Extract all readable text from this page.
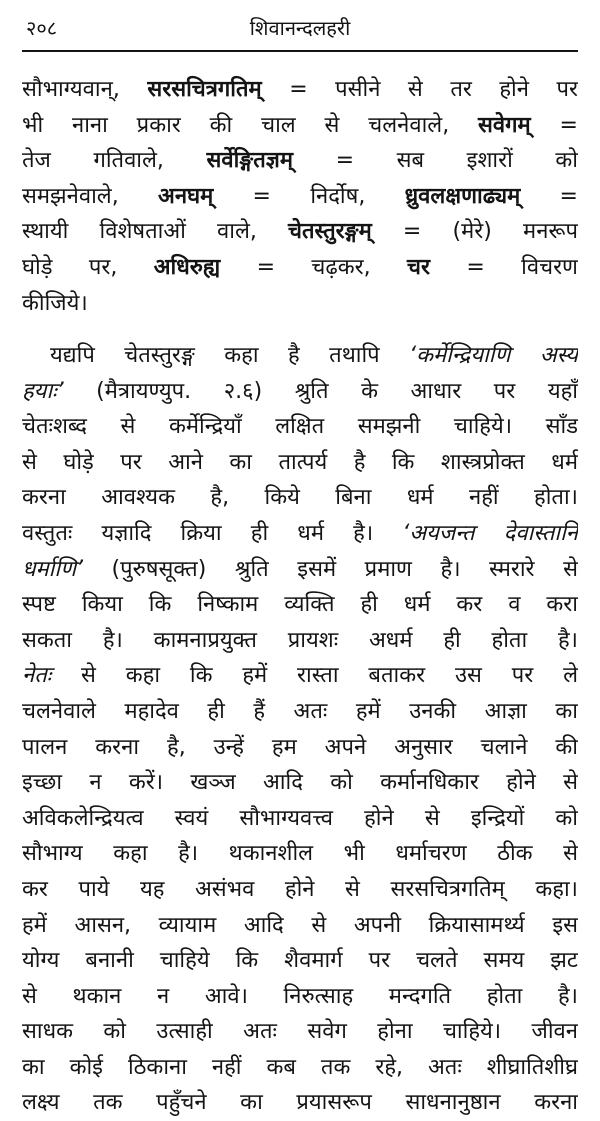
२०८	शिवानन्दलहरी
सौभाग्यवान्, सरसचित्रगतिम् = पसीने से तर होने पर
भी नाना प्रकार की चाल से चलनेवाले, सवेगम् =
तेज गतिवाले, सर्वेङ्गितज्ञम् = सब इशारों को
समझनेवाले, अनघम् = निर्दोष, ध्रुवलक्षणाढ्यम् =
स्थायी विशेषताओं वाले, चेतस्तुरङ्गम् = (मेरे) मनरूप
घोड़े पर, अधिरुह्य = चढ़कर, चर = विचरण
कीजिये।
यद्यपि चेतस्तुरङ्ग कहा है तथापि ‘कर्मेन्द्रियाणि अस्य
हयाः’ (मैत्रायण्युप. २.६) श्रुति के आधार पर यहाँ
चेतःशब्द से कर्मेन्द्रियाँ लक्षित समझनी चाहिये। साँड
से घोड़े पर आने का तात्पर्य है कि शास्त्रप्रोक्त धर्म
करना आवश्यक है, किये बिना धर्म नहीं होता।
वस्तुतः यज्ञादि क्रिया ही धर्म है। ‘अयजन्त देवास्तानि
धर्माणि’ (पुरुषसूक्त) श्रुति इसमें प्रमाण है। स्मरारे से
स्पष्ट किया कि निष्काम व्यक्ति ही धर्म कर व करा
सकता है। कामनाप्रयुक्त प्रायशः अधर्म ही होता है।
नेतः से कहा कि हमें रास्ता बताकर उस पर ले
चलनेवाले महादेव ही हैं अतः हमें उनकी आज्ञा का
पालन करना है, उन्हें हम अपने अनुसार चलाने की
इच्छा न करें। खञ्ज आदि को कर्मानधिकार होने से
अविकलेन्द्रियत्व स्वयं सौभाग्यवत्त्व होने से इन्द्रियों को
सौभाग्य कहा है। थकानशील भी धर्माचरण ठीक से
कर पाये यह असंभव होने से सरसचित्रगतिम् कहा।
हमें आसन, व्यायाम आदि से अपनी क्रियासामर्थ्य इस
योग्य बनानी चाहिये कि शैवमार्ग पर चलते समय झट
से थकान न आवे। निरुत्साह मन्दगति होता है।
साधक को उत्साही अतः सवेग होना चाहिये। जीवन
का कोई ठिकाना नहीं कब तक रहे, अतः शीघ्रातिशीघ्र
लक्ष्य तक पहुँचने का प्रयासरूप साधनानुष्ठान करना
